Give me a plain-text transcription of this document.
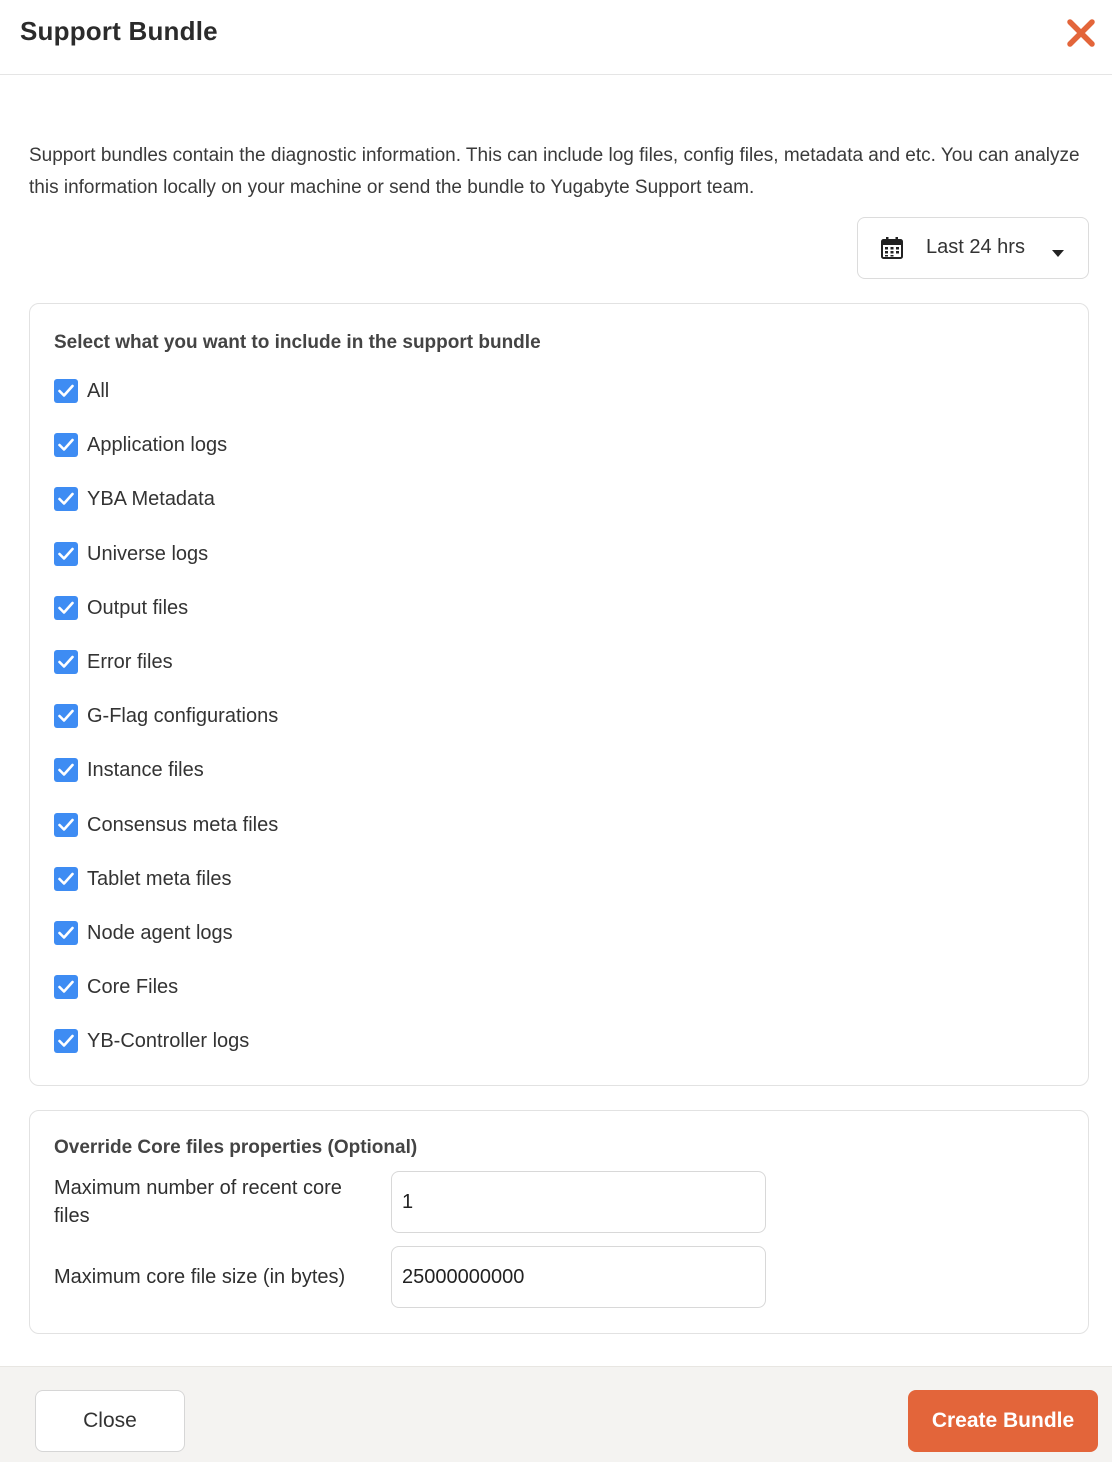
Support Bundle

Support bundles contain the diagnostic information. This can include log files, config files, metadata and etc. You can analyze this information locally on your machine or send the bundle to Yugabyte Support team.

Last 24 hrs
Select what you want to include in the support bundle
All
Application logs
YBA Metadata
Universe logs
Output files
Error files
G-Flag configurations
Instance files
Consensus meta files
Tablet meta files
Node agent logs
Core Files
YB-Controller logs
Override Core files properties (Optional)
Maximum number of recent core files
1
Maximum core file size (in bytes)
25000000000
Close	Create Bundle
